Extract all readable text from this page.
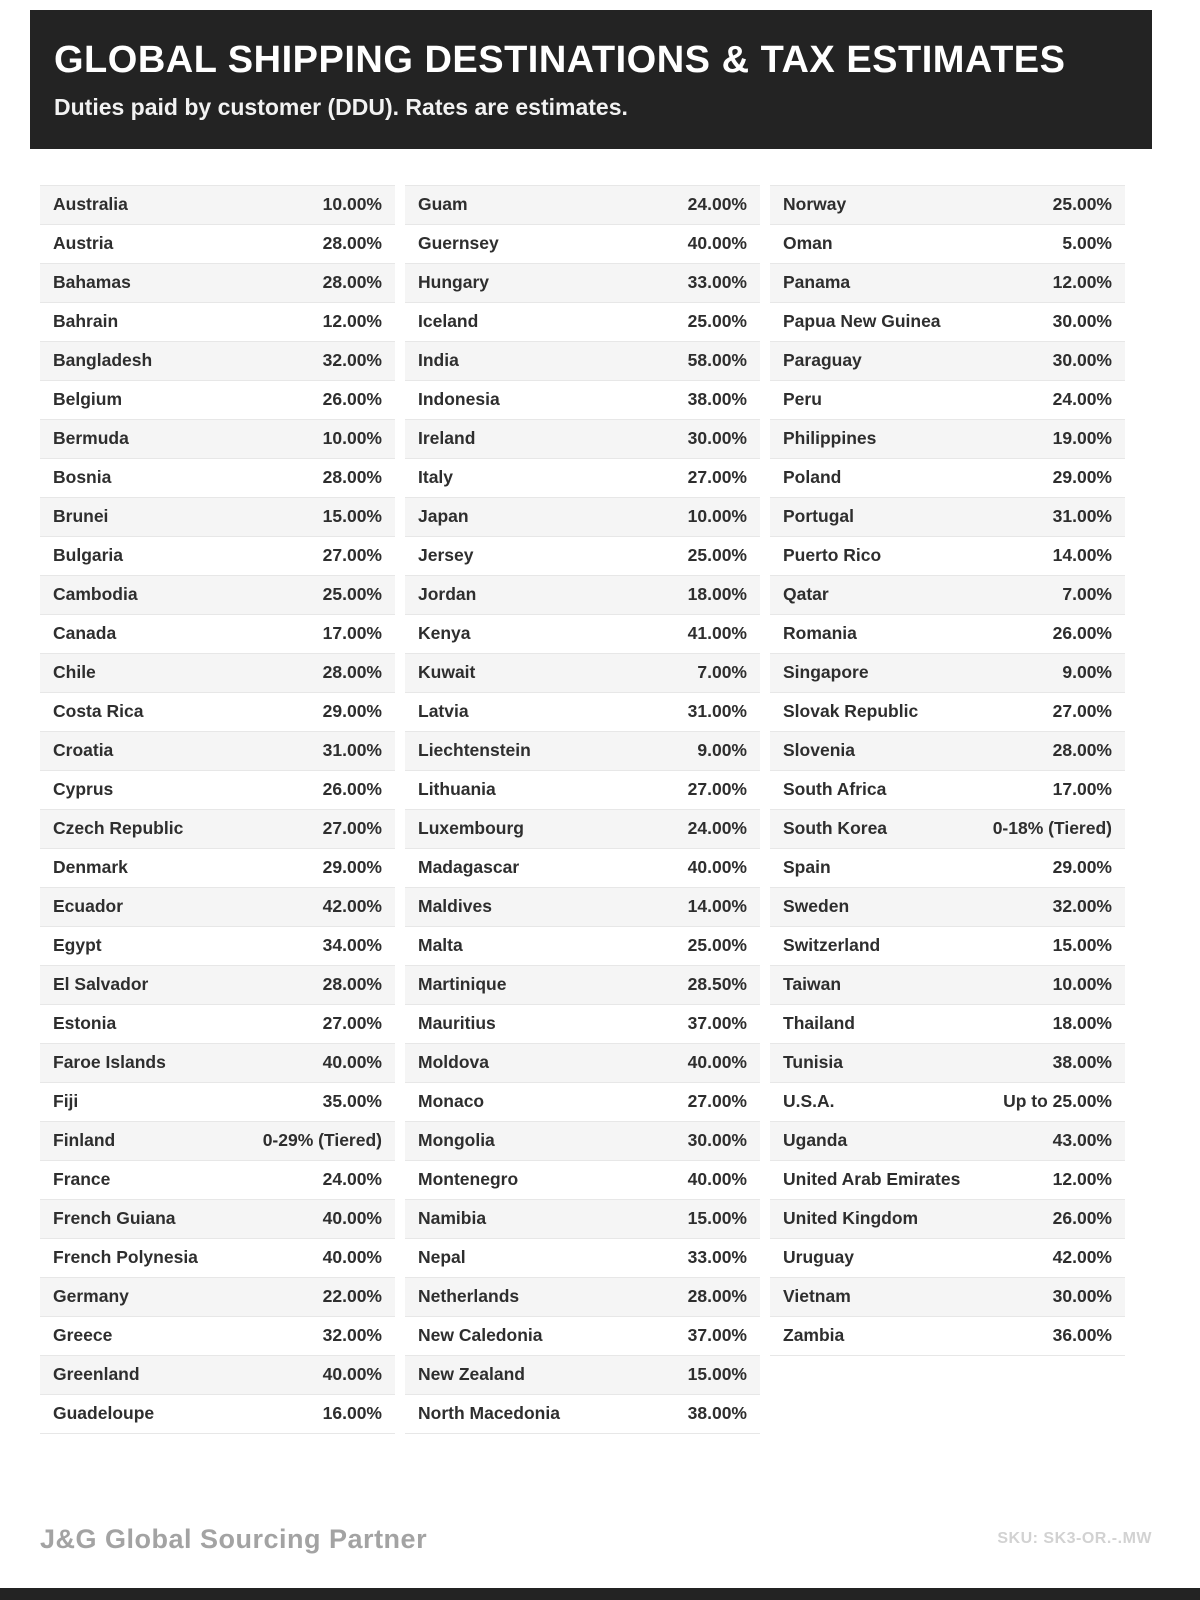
GLOBAL SHIPPING DESTINATIONS & TAX ESTIMATES

Duties paid by customer (DDU). Rates are estimates.

Australia	10.00%
Austria	28.00%
Bahamas	28.00%
Bahrain	12.00%
Bangladesh	32.00%
Belgium	26.00%
Bermuda	10.00%
Bosnia	28.00%
Brunei	15.00%
Bulgaria	27.00%
Cambodia	25.00%
Canada	17.00%
Chile	28.00%
Costa Rica	29.00%
Croatia	31.00%
Cyprus	26.00%
Czech Republic	27.00%
Denmark	29.00%
Ecuador	42.00%
Egypt	34.00%
El Salvador	28.00%
Estonia	27.00%
Faroe Islands	40.00%
Fiji	35.00%
Finland	0-29% (Tiered)
France	24.00%
French Guiana	40.00%
French Polynesia	40.00%
Germany	22.00%
Greece	32.00%
Greenland	40.00%
Guadeloupe	16.00%
Guam	24.00%
Guernsey	40.00%
Hungary	33.00%
Iceland	25.00%
India	58.00%
Indonesia	38.00%
Ireland	30.00%
Italy	27.00%
Japan	10.00%
Jersey	25.00%
Jordan	18.00%
Kenya	41.00%
Kuwait	7.00%
Latvia	31.00%
Liechtenstein	9.00%
Lithuania	27.00%
Luxembourg	24.00%
Madagascar	40.00%
Maldives	14.00%
Malta	25.00%
Martinique	28.50%
Mauritius	37.00%
Moldova	40.00%
Monaco	27.00%
Mongolia	30.00%
Montenegro	40.00%
Namibia	15.00%
Nepal	33.00%
Netherlands	28.00%
New Caledonia	37.00%
New Zealand	15.00%
North Macedonia	38.00%
Norway	25.00%
Oman	5.00%
Panama	12.00%
Papua New Guinea	30.00%
Paraguay	30.00%
Peru	24.00%
Philippines	19.00%
Poland	29.00%
Portugal	31.00%
Puerto Rico	14.00%
Qatar	7.00%
Romania	26.00%
Singapore	9.00%
Slovak Republic	27.00%
Slovenia	28.00%
South Africa	17.00%
South Korea	0-18% (Tiered)
Spain	29.00%
Sweden	32.00%
Switzerland	15.00%
Taiwan	10.00%
Thailand	18.00%
Tunisia	38.00%
U.S.A.	Up to 25.00%
Uganda	43.00%
United Arab Emirates	12.00%
United Kingdom	26.00%
Uruguay	42.00%
Vietnam	30.00%
Zambia	36.00%
J&G Global Sourcing Partner	SKU: SK3-OR.-.MW
